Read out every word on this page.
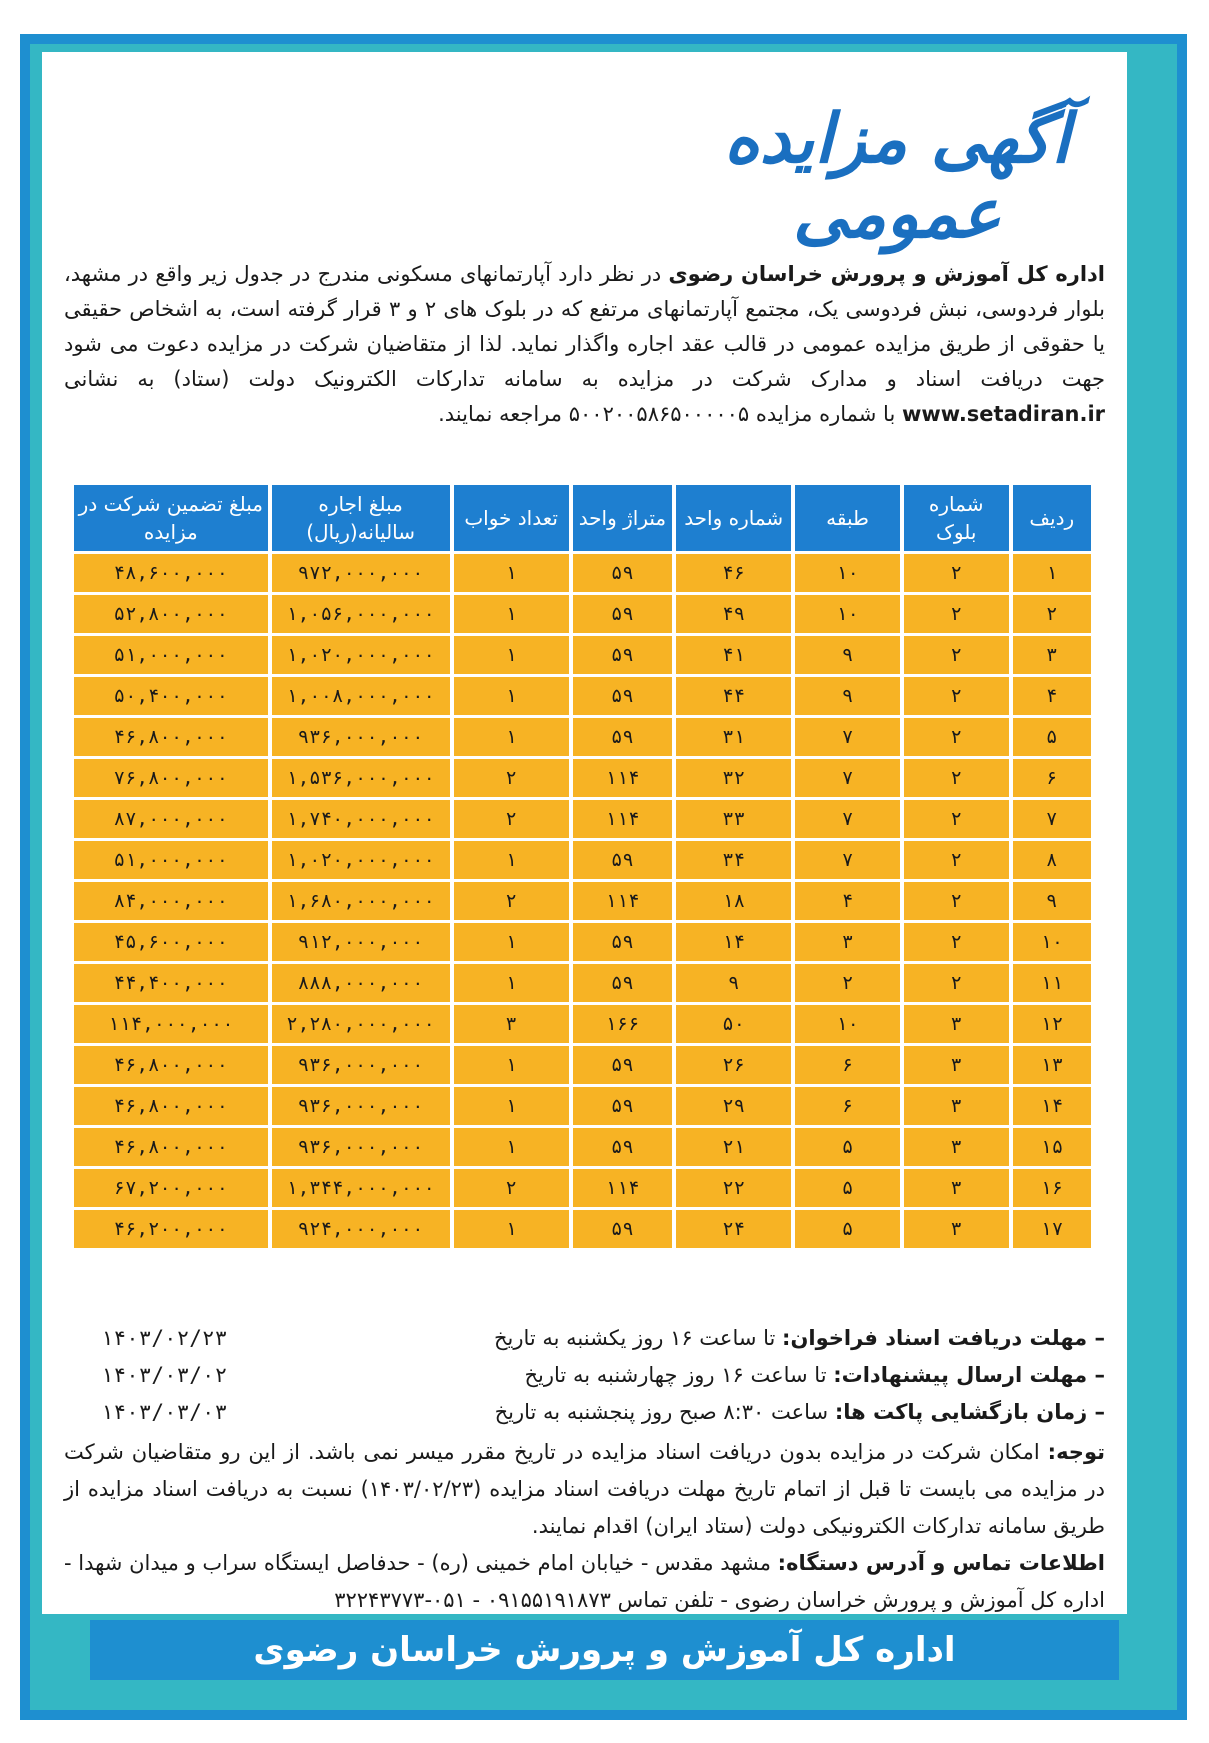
آگهی مزایده عمومی
اداره کل آموزش و پرورش خراسان رضوی در نظر دارد آپارتمانهای مسکونی مندرج در جدول زیر واقع در مشهد، بلوار فردوسی، نبش فردوسی یک، مجتمع آپارتمانهای مرتفع که در بلوک های ۲ و ۳ قرار گرفته است، به اشخاص حقیقی یا حقوقی از طریق مزایده عمومی در قالب عقد اجاره واگذار نماید. لذا از متقاضیان شرکت در مزایده دعوت می شود جهت دریافت اسناد و مدارک شرکت در مزایده به سامانه تدارکات الکترونیک دولت (ستاد) به نشانی www.setadiran.ir با شماره مزایده ۵۰۰۲۰۰۵۸۶۵۰۰۰۰۰۵ مراجعه نمایند.
ردیف	شماره بلوک	طبقه	شماره واحد	متراژ واحد	تعداد خواب	مبلغ اجاره سالیانه(ریال)	مبلغ تضمین شرکت در مزایده
۱	۲	۱۰	۴۶	۵۹	۱	۹۷۲,۰۰۰,۰۰۰	۴۸,۶۰۰,۰۰۰
۲	۲	۱۰	۴۹	۵۹	۱	۱,۰۵۶,۰۰۰,۰۰۰	۵۲,۸۰۰,۰۰۰
۳	۲	۹	۴۱	۵۹	۱	۱,۰۲۰,۰۰۰,۰۰۰	۵۱,۰۰۰,۰۰۰
۴	۲	۹	۴۴	۵۹	۱	۱,۰۰۸,۰۰۰,۰۰۰	۵۰,۴۰۰,۰۰۰
۵	۲	۷	۳۱	۵۹	۱	۹۳۶,۰۰۰,۰۰۰	۴۶,۸۰۰,۰۰۰
۶	۲	۷	۳۲	۱۱۴	۲	۱,۵۳۶,۰۰۰,۰۰۰	۷۶,۸۰۰,۰۰۰
۷	۲	۷	۳۳	۱۱۴	۲	۱,۷۴۰,۰۰۰,۰۰۰	۸۷,۰۰۰,۰۰۰
۸	۲	۷	۳۴	۵۹	۱	۱,۰۲۰,۰۰۰,۰۰۰	۵۱,۰۰۰,۰۰۰
۹	۲	۴	۱۸	۱۱۴	۲	۱,۶۸۰,۰۰۰,۰۰۰	۸۴,۰۰۰,۰۰۰
۱۰	۲	۳	۱۴	۵۹	۱	۹۱۲,۰۰۰,۰۰۰	۴۵,۶۰۰,۰۰۰
۱۱	۲	۲	۹	۵۹	۱	۸۸۸,۰۰۰,۰۰۰	۴۴,۴۰۰,۰۰۰
۱۲	۳	۱۰	۵۰	۱۶۶	۳	۲,۲۸۰,۰۰۰,۰۰۰	۱۱۴,۰۰۰,۰۰۰
۱۳	۳	۶	۲۶	۵۹	۱	۹۳۶,۰۰۰,۰۰۰	۴۶,۸۰۰,۰۰۰
۱۴	۳	۶	۲۹	۵۹	۱	۹۳۶,۰۰۰,۰۰۰	۴۶,۸۰۰,۰۰۰
۱۵	۳	۵	۲۱	۵۹	۱	۹۳۶,۰۰۰,۰۰۰	۴۶,۸۰۰,۰۰۰
۱۶	۳	۵	۲۲	۱۱۴	۲	۱,۳۴۴,۰۰۰,۰۰۰	۶۷,۲۰۰,۰۰۰
۱۷	۳	۵	۲۴	۵۹	۱	۹۲۴,۰۰۰,۰۰۰	۴۶,۲۰۰,۰۰۰
– مهلت دریافت اسناد فراخوان: تا ساعت ۱۶ روز یکشنبه به تاریخ
۱۴۰۳/۰۲/۲۳
– مهلت ارسال پیشنهادات: تا ساعت ۱۶ روز چهارشنبه به تاریخ
۱۴۰۳/۰۳/۰۲
– زمان بازگشایی پاکت ها: ساعت ۸:۳۰ صبح روز پنجشنبه به تاریخ
۱۴۰۳/۰۳/۰۳
توجه: امکان شرکت در مزایده بدون دریافت اسناد مزایده در تاریخ مقرر میسر نمی باشد. از این رو متقاضیان شرکت در مزایده می بایست تا قبل از اتمام تاریخ مهلت دریافت اسناد مزایده (۱۴۰۳/۰۲/۲۳) نسبت به دریافت اسناد مزایده از طریق سامانه تدارکات الکترونیکی دولت (ستاد ایران) اقدام نمایند.
اطلاعات تماس و آدرس دستگاه: مشهد مقدس - خیابان امام خمینی (ره) - حدفاصل ایستگاه سراب و میدان شهدا - اداره کل آموزش و پرورش خراسان رضوی - تلفن تماس ۰۹۱۵۵۱۹۱۸۷۳ - ۰۵۱-۳۲۲۴۳۷۷۳
اداره کل آموزش و پرورش خراسان رضوی
